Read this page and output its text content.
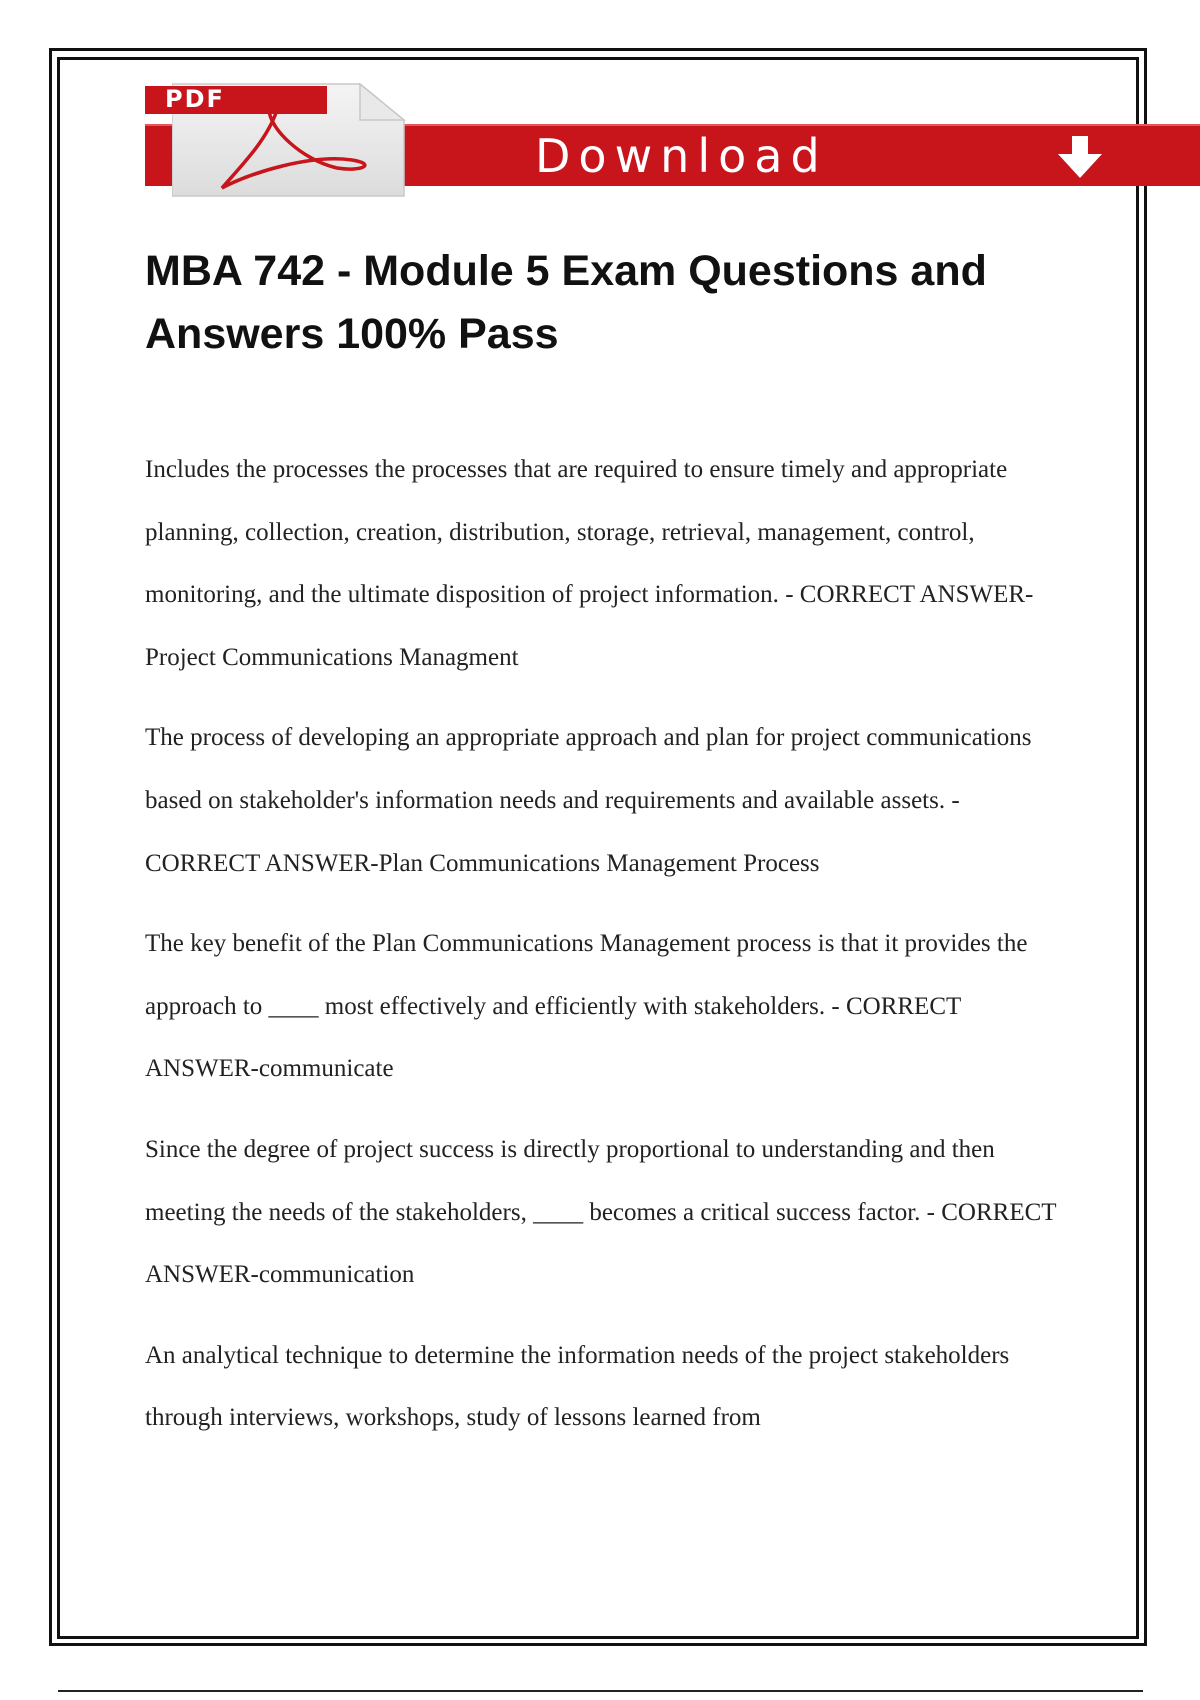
Download
PDF
MBA 742 - Module 5 Exam Questions and Answers 100% Pass

Includes the processes the processes that are required to ensure timely and appropriate planning, collection, creation, distribution, storage, retrieval, management, control, monitoring, and the ultimate disposition of project information. - CORRECT ANSWER-Project Communications Managment

The process of developing an appropriate approach and plan for project communications based on stakeholder's information needs and requirements and available assets. - CORRECT ANSWER-Plan Communications Management Process

The key benefit of the Plan Communications Management process is that it provides the approach to ____ most effectively and efficiently with stakeholders. - CORRECT ANSWER-communicate

Since the degree of project success is directly proportional to understanding and then meeting the needs of the stakeholders, ____ becomes a critical success factor. - CORRECT ANSWER-communication

An analytical technique to determine the information needs of the project stakeholders through interviews, workshops, study of lessons learned from
